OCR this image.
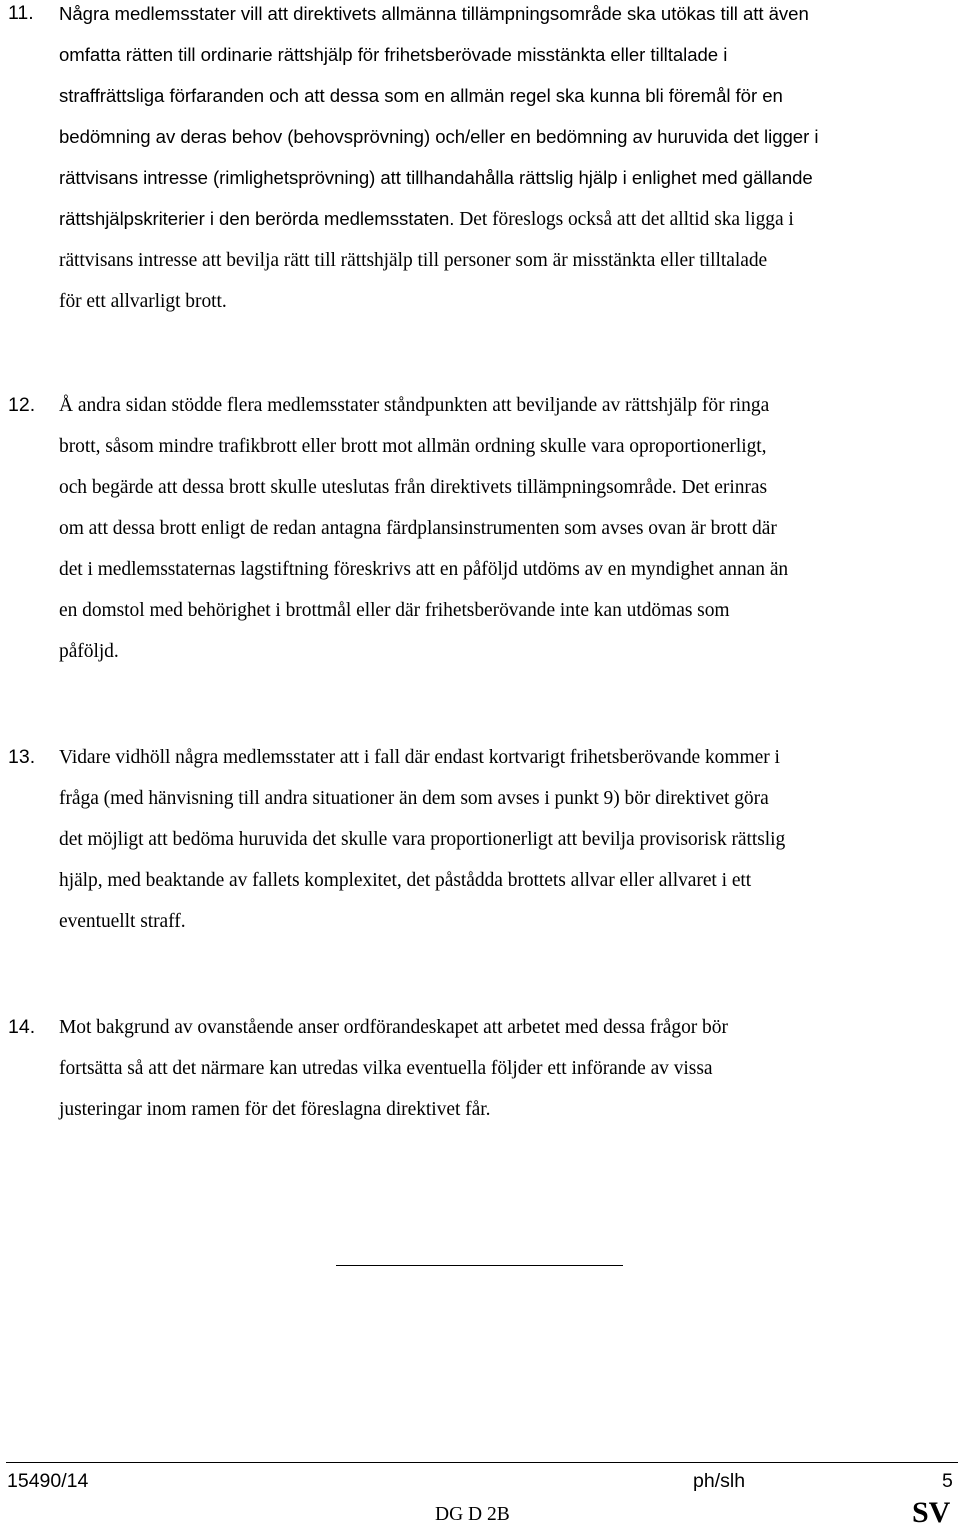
11. Några medlemsstater vill att direktivets allmänna tillämpningsområde ska utökas till att även
omfatta rätten till ordinarie rättshjälp för frihetsberövade misstänkta eller tilltalade i
straffrättsliga förfaranden och att dessa som en allmän regel ska kunna bli föremål för en
bedömning av deras behov (behovsprövning) och/eller en bedömning av huruvida det ligger i
rättvisans intresse (rimlighetsprövning) att tillhandahålla rättslig hjälp i enlighet med gällande
rättshjälpskriterier i den berörda medlemsstaten. Det föreslogs också att det alltid ska ligga i
rättvisans intresse att bevilja rätt till rättshjälp till personer som är misstänkta eller tilltalade
för ett allvarligt brott.
12. Å andra sidan stödde flera medlemsstater ståndpunkten att beviljande av rättshjälp för ringa
brott, såsom mindre trafikbrott eller brott mot allmän ordning skulle vara oproportionerligt,
och begärde att dessa brott skulle uteslutas från direktivets tillämpningsområde. Det erinras
om att dessa brott enligt de redan antagna färdplansinstrumenten som avses ovan är brott där
det i medlemsstaternas lagstiftning föreskrivs att en påföljd utdöms av en myndighet annan än
en domstol med behörighet i brottmål eller där frihetsberövande inte kan utdömas som
påföljd.
13. Vidare vidhöll några medlemsstater att i fall där endast kortvarigt frihetsberövande kommer i
fråga (med hänvisning till andra situationer än dem som avses i punkt 9) bör direktivet göra
det möjligt att bedöma huruvida det skulle vara proportionerligt att bevilja provisorisk rättslig
hjälp, med beaktande av fallets komplexitet, det påstådda brottets allvar eller allvaret i ett
eventuellt straff.
14. Mot bakgrund av ovanstående anser ordförandeskapet att arbetet med dessa frågor bör
fortsätta så att det närmare kan utredas vilka eventuella följder ett införande av vissa
justeringar inom ramen för det föreslagna direktivet får.
15490/14	ph/slh	5
DG D 2B	SV
